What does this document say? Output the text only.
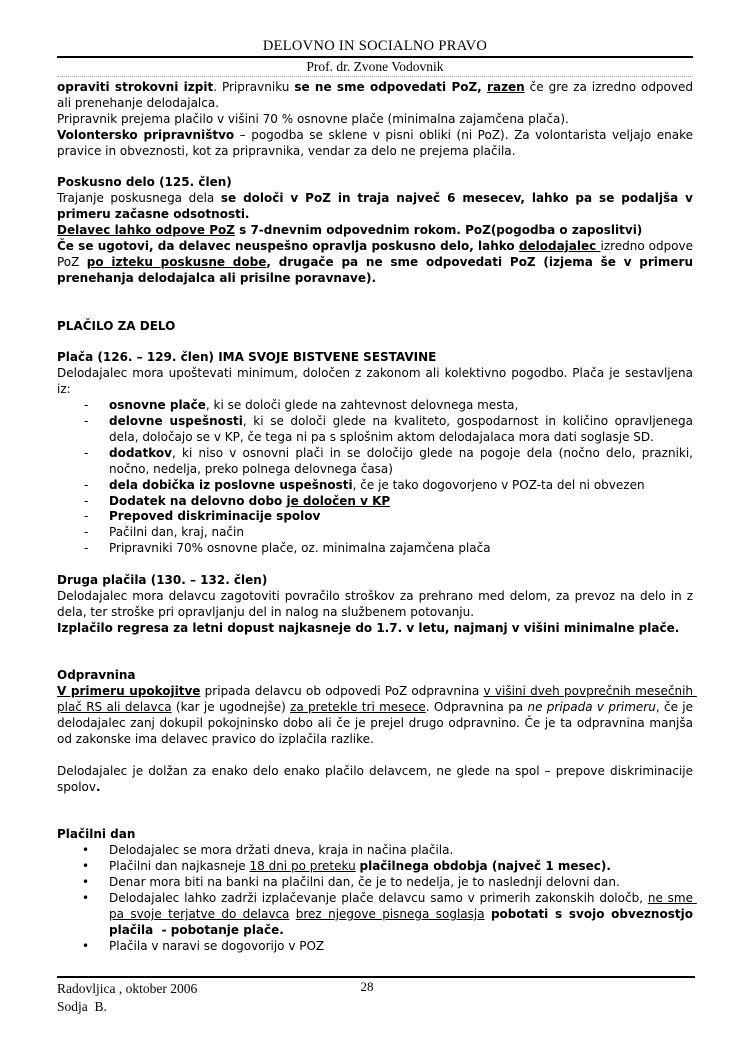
DELOVNO IN SOCIALNO PRAVO
Prof. dr. Zvone Vodovnik
opraviti strokovni izpit. Pripravniku se ne sme odpovedati PoZ, razen če gre za izredno odpoved ali prenehanje delodajalca.
Pripravnik prejema plačilo v višini 70 % osnovne plače (minimalna zajamčena plača).
Volontersko pripravništvo – pogodba se sklene v pisni obliki (ni PoZ). Za volontarista veljajo enake pravice in obveznosti, kot za pripravnika, vendar za delo ne prejema plačila.
Poskusno delo (125. člen)
Trajanje poskusnega dela se določi v PoZ in traja največ 6 mesecev, lahko pa se podaljša v primeru začasne odsotnosti.
Delavec lahko odpove PoZ s 7-dnevnim odpovednim rokom. PoZ(pogodba o zaposlitvi)
Če se ugotovi, da delavec neuspešno opravlja poskusno delo, lahko delodajalec izredno odpove PoZ po izteku poskusne dobe, drugače pa ne sme odpovedati PoZ (izjema še v primeru prenehanja delodajalca ali prisilne poravnave).
PLAČILO ZA DELO
Plača (126. – 129. člen) IMA SVOJE BISTVENE SESTAVINE
Delodajalec mora upoštevati minimum, določen z zakonom ali kolektivno pogodbo. Plača je sestavljena iz:
- osnovne plače, ki se določi glede na zahtevnost delovnega mesta,
- delovne uspešnosti, ki se določi glede na kvaliteto, gospodarnost in količino opravljenega dela, določajo se v KP, če tega ni pa s splošnim aktom delodajalaca mora dati soglasje SD.
- dodatkov, ki niso v osnovni plači in se določijo glede na pogoje dela (nočno delo, prazniki, nočno, nedelja, preko polnega delovnega časa)
- dela dobička iz poslovne uspešnosti, če je tako dogovorjeno v POZ-ta del ni obvezen
- Dodatek na delovno dobo je določen v KP
- Prepoved diskriminacije spolov
- Pačilni dan, kraj, način
- Pripravniki 70% osnovne plače, oz. minimalna zajamčena plača
Druga plačila (130. – 132. člen)
Delodajalec mora delavcu zagotoviti povračilo stroškov za prehrano med delom, za prevoz na delo in z dela, ter stroške pri opravljanju del in nalog na službenem potovanju.
Izplačilo regresa za letni dopust najkasneje do 1.7. v letu, najmanj v višini minimalne plače.
Odpravnina
V primeru upokojitve pripada delavcu ob odpovedi PoZ odpravnina v višini dveh povprečnih mesečnih plač RS ali delavca (kar je ugodnejše) za pretekle tri mesece. Odpravnina pa ne pripada v primeru, če je delodajalec zanj dokupil pokojninsko dobo ali če je prejel drugo odpravnino. Če je ta odpravnina manjša od zakonske ima delavec pravico do izplačila razlike.
Delodajalec je dolžan za enako delo enako plačilo delavcem, ne glede na spol – prepove diskriminacije spolov.
Plačilni dan
• Delodajalec se mora držati dneva, kraja in načina plačila.
• Plačilni dan najkasneje 18 dni po preteku plačilnega obdobja (največ 1 mesec).
• Denar mora biti na banki na plačilni dan, če je to nedelja, je to naslednji delovni dan.
• Delodajalec lahko zadrži izplačevanje plače delavcu samo v primerih zakonskih določb, ne sme pa svoje terjatve do delavca brez njegove pisnega soglasja pobotati s svojo obveznostjo plačila  - pobotanje plače.
• Plačila v naravi se dogovorijo v POZ
Radovljica , oktober 2006	28
Sodja  B.
